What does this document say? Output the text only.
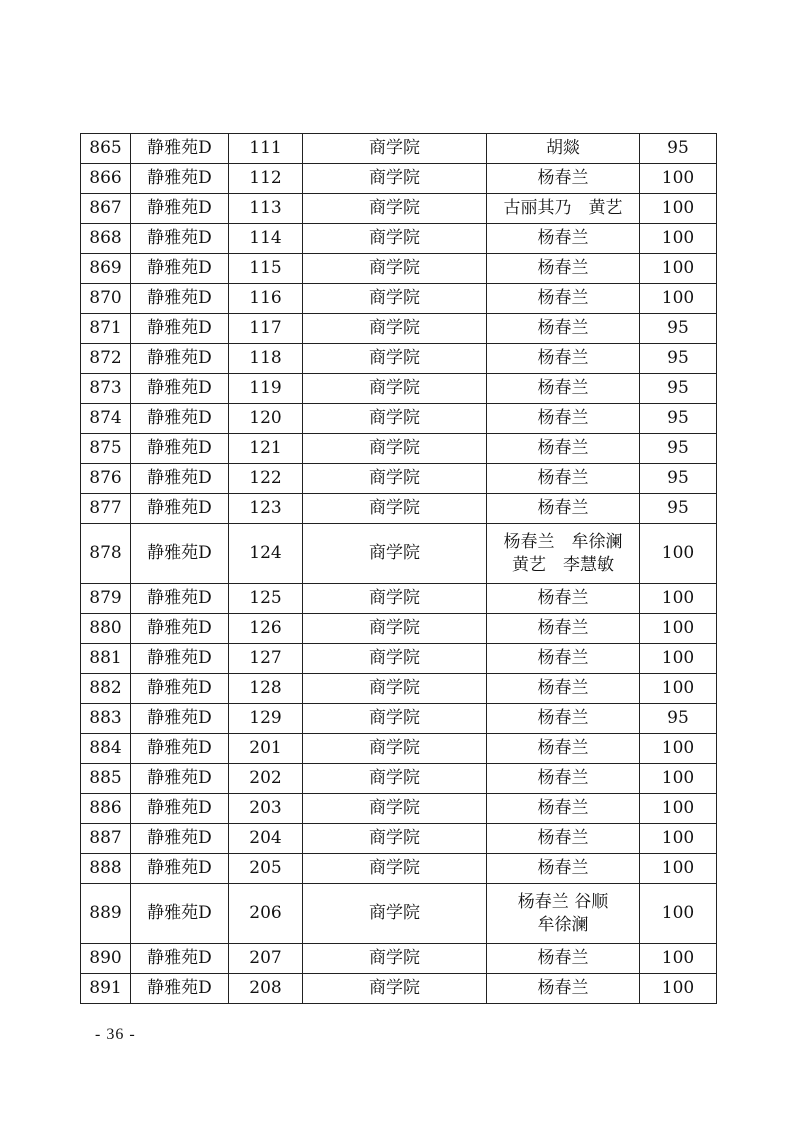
865	静雅苑D	111	商学院	胡燚	95
866	静雅苑D	112	商学院	杨春兰	100
867	静雅苑D	113	商学院	古丽其乃　黄艺	100
868	静雅苑D	114	商学院	杨春兰	100
869	静雅苑D	115	商学院	杨春兰	100
870	静雅苑D	116	商学院	杨春兰	100
871	静雅苑D	117	商学院	杨春兰	95
872	静雅苑D	118	商学院	杨春兰	95
873	静雅苑D	119	商学院	杨春兰	95
874	静雅苑D	120	商学院	杨春兰	95
875	静雅苑D	121	商学院	杨春兰	95
876	静雅苑D	122	商学院	杨春兰	95
877	静雅苑D	123	商学院	杨春兰	95
878	静雅苑D	124	商学院	杨春兰　牟徐澜
黄艺　李慧敏	100
879	静雅苑D	125	商学院	杨春兰	100
880	静雅苑D	126	商学院	杨春兰	100
881	静雅苑D	127	商学院	杨春兰	100
882	静雅苑D	128	商学院	杨春兰	100
883	静雅苑D	129	商学院	杨春兰	95
884	静雅苑D	201	商学院	杨春兰	100
885	静雅苑D	202	商学院	杨春兰	100
886	静雅苑D	203	商学院	杨春兰	100
887	静雅苑D	204	商学院	杨春兰	100
888	静雅苑D	205	商学院	杨春兰	100
889	静雅苑D	206	商学院	杨春兰 谷顺
牟徐澜	100
890	静雅苑D	207	商学院	杨春兰	100
891	静雅苑D	208	商学院	杨春兰	100
- 36 -
